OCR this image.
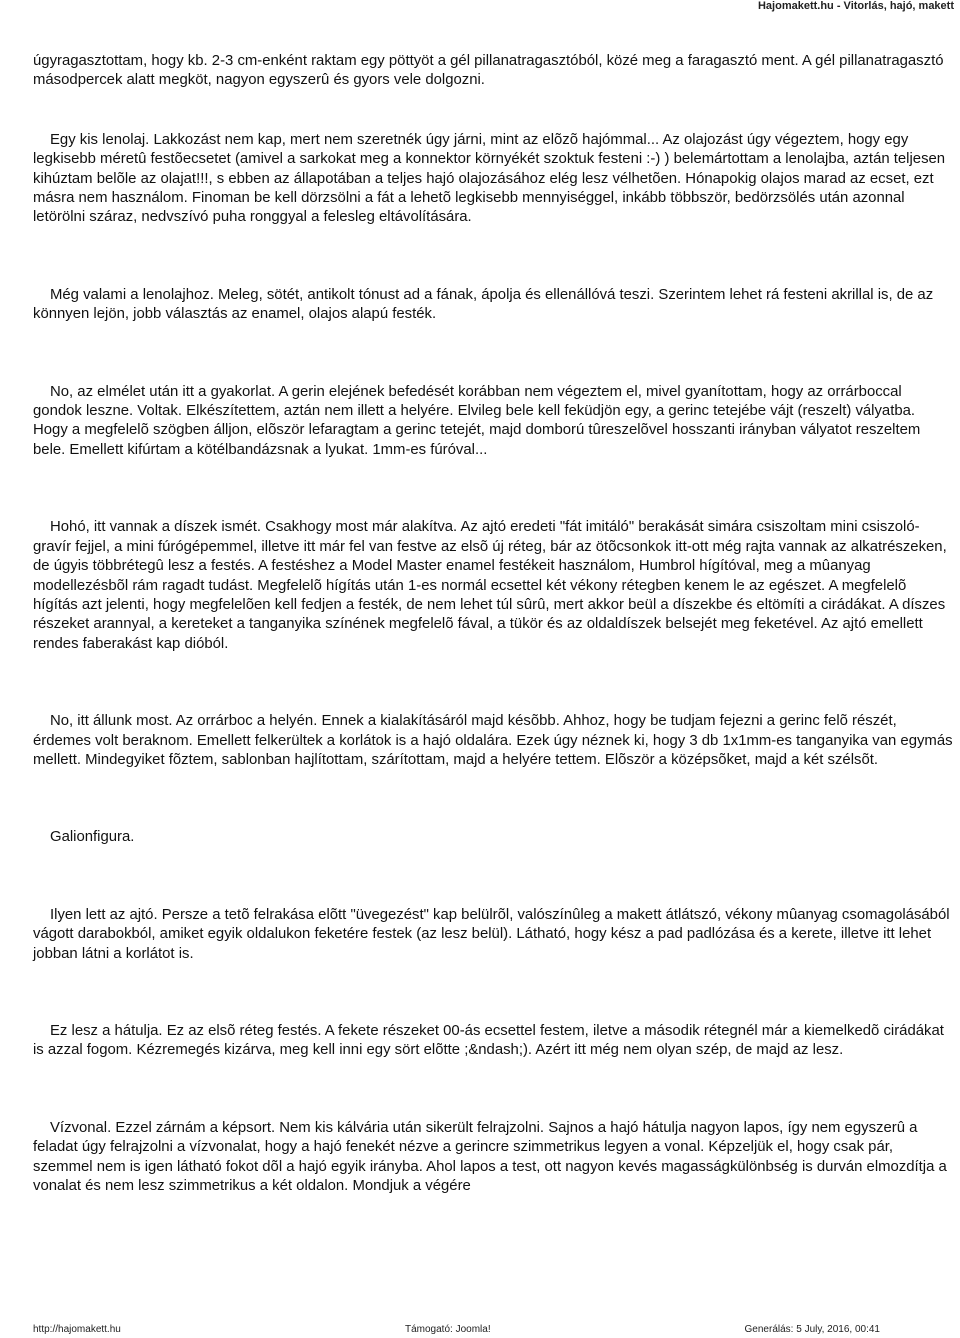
Hajomakett.hu - Vitorlás, hajó, makett

úgyragasztottam, hogy kb. 2-3 cm-enként raktam egy pöttyöt a gél pillanatragasztóból, közé meg a faragasztó ment. A gél pillanatragasztó másodpercek alatt megköt, nagyon egyszerû és gyors vele dolgozni.

Egy kis lenolaj. Lakkozást nem kap, mert nem szeretnék úgy járni, mint az elõzõ hajómmal... Az olajozást úgy végeztem, hogy egy legkisebb méretû festõecsetet (amivel a sarkokat meg a konnektor környékét szoktuk festeni :-) ) belemártottam a lenolajba, aztán teljesen kihúztam belõle az olajat!!!, s ebben az állapotában a teljes hajó olajozásához elég lesz vélhetõen. Hónapokig olajos marad az ecset, ezt másra nem használom. Finoman be kell dörzsölni a fát a lehetõ legkisebb mennyiséggel, inkább többször, bedörzsölés után azonnal letörölni száraz, nedvszívó puha ronggyal a felesleg eltávolítására.

Még valami a lenolajhoz. Meleg, sötét, antikolt tónust ad a fának, ápolja és ellenállóvá teszi. Szerintem lehet rá festeni akrillal is, de az könnyen lejön, jobb választás az enamel, olajos alapú festék.

No, az elmélet után itt a gyakorlat. A gerin elejének befedését korábban nem végeztem el, mivel gyanítottam, hogy az orrárboccal gondok leszne. Voltak. Elkészítettem, aztán nem illett a helyére. Elvileg bele kell feküdjön egy, a gerinc tetejébe vájt (reszelt) vályatba. Hogy a megfelelõ szögben álljon, elõször lefaragtam a gerinc tetejét, majd domború tûreszelõvel hosszanti irányban vályatot reszeltem bele. Emellett kifúrtam a kötélbandázsnak a lyukat. 1mm-es fúróval...

Hohó, itt vannak a díszek ismét. Csakhogy most már alakítva. Az ajtó eredeti "fát imitáló" berakását simára csiszoltam mini csiszoló-gravír fejjel, a mini fúrógépemmel, illetve itt már fel van festve az elsõ új réteg, bár az ötõcsonkok itt-ott még rajta vannak az alkatrészeken, de úgyis többrétegû lesz a festés. A festéshez a Model Master enamel festékeit használom, Humbrol hígítóval, meg a mûanyag modellezésbõl rám ragadt tudást. Megfelelõ hígítás után 1-es normál ecsettel két vékony rétegben kenem le az egészet. A megfelelõ hígítás azt jelenti, hogy megfelelõen kell fedjen a festék, de nem lehet túl sûrû, mert akkor beül a díszekbe és eltömíti a cirádákat. A díszes részeket arannyal, a kereteket a tanganyika színének megfelelõ fával, a tükör és az oldaldíszek belsejét meg feketével. Az ajtó emellett rendes faberakást kap dióból.

No, itt állunk most. Az orrárboc a helyén. Ennek a kialakításáról majd késõbb. Ahhoz, hogy be tudjam fejezni a gerinc felõ részét, érdemes volt beraknom. Emellett felkerültek a korlátok is a hajó oldalára. Ezek úgy néznek ki, hogy 3 db 1x1mm-es tanganyika van egymás mellett. Mindegyiket fõztem, sablonban hajlítottam, szárítottam, majd a helyére tettem. Elõször a középsõket, majd a két szélsõt.

Galionfigura.

Ilyen lett az ajtó. Persze a tetõ felrakása elõtt "üvegezést" kap belülrõl, valószínûleg a makett átlátszó, vékony mûanyag csomagolásából vágott darabokból, amiket egyik oldalukon feketére festek (az lesz belül). Látható, hogy kész a pad padlózása és a kerete, illetve itt lehet jobban látni a korlátot is.

Ez lesz a hátulja. Ez az elsõ réteg festés. A fekete részeket 00-ás ecsettel festem, iletve a második rétegnél már a kiemelkedõ cirádákat is azzal fogom. Kézremegés kizárva, meg kell inni egy sört elõtte ;&ndash;). Azért itt még nem olyan szép, de majd az lesz.

Vízvonal. Ezzel zárnám a képsort. Nem kis kálvária után sikerült felrajzolni. Sajnos a hajó hátulja nagyon lapos, így nem egyszerû a feladat úgy felrajzolni a vízvonalat, hogy a hajó fenekét nézve a gerincre szimmetrikus legyen a vonal. Képzeljük el, hogy csak pár, szemmel nem is igen látható fokot dõl a hajó egyik irányba. Ahol lapos a test, ott nagyon kevés magasságkülönbség is durván elmozdítja a vonalat és nem lesz szimmetrikus a két oldalon. Mondjuk a végére

http://hajomakett.hu	Támogató: Joomla!	Generálás: 5 July, 2016, 00:41
